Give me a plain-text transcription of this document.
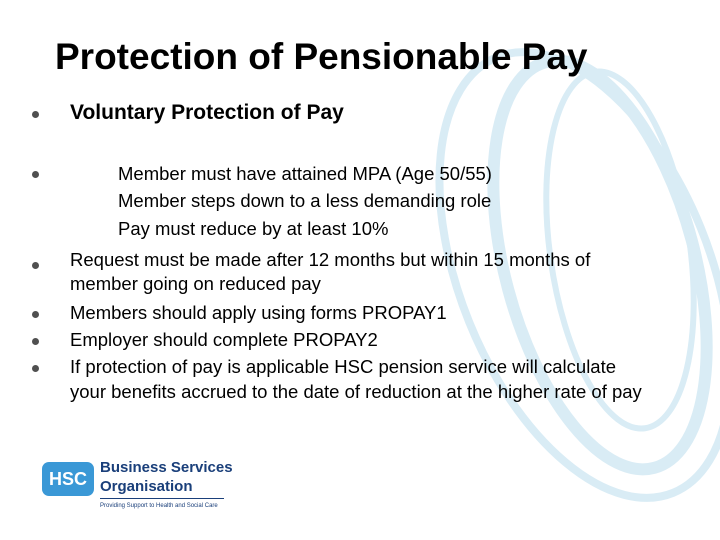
Protection of Pensionable Pay
Voluntary Protection of Pay
Member must have attained MPA (Age 50/55)
Member steps down to a less demanding role
Pay must reduce by at least 10%
Request must be made after 12 months but within 15 months of
member going on reduced pay
Members should apply using forms PROPAY1
Employer should complete PROPAY2
If protection of pay is applicable HSC pension service will calculate
your benefits accrued to the date of reduction at the higher rate of pay
HSC
Business Services
Organisation
Providing Support to Health and Social Care
